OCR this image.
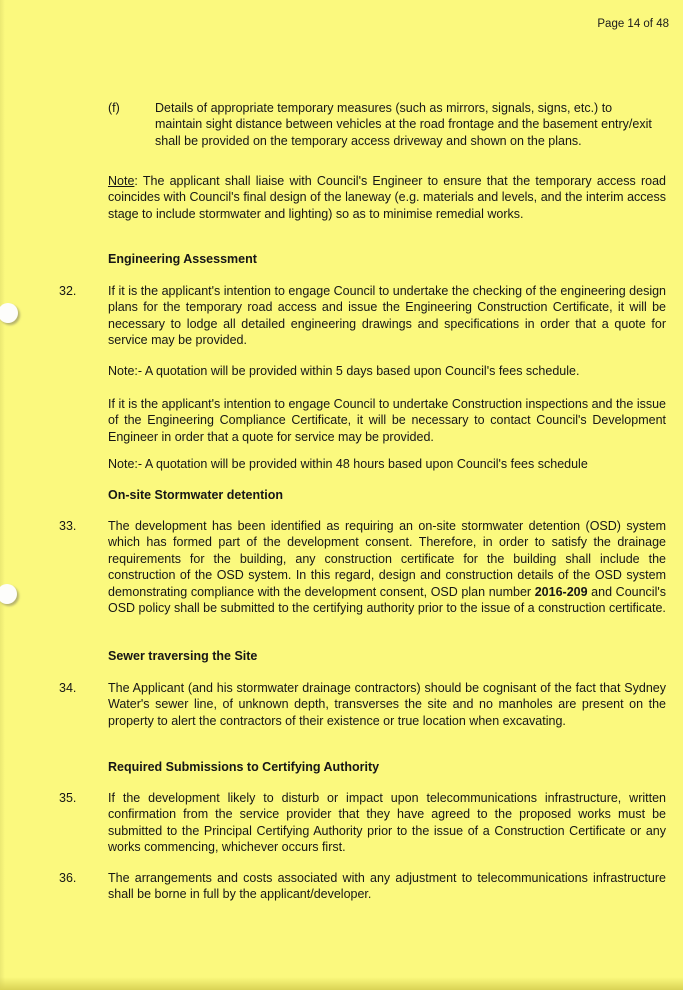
Page 14 of 48
(f)	Details of appropriate temporary measures (such as mirrors, signals, signs, etc.) to maintain sight distance between vehicles at the road frontage and the basement entry/exit shall be provided on the temporary access driveway and shown on the plans.
Note: The applicant shall liaise with Council's Engineer to ensure that the temporary access road coincides with Council's final design of the laneway (e.g. materials and levels, and the interim access stage to include stormwater and lighting) so as to minimise remedial works.
Engineering Assessment
32.	If it is the applicant's intention to engage Council to undertake the checking of the engineering design plans for the temporary road access and issue the Engineering Construction Certificate, it will be necessary to lodge all detailed engineering drawings and specifications in order that a quote for service may be provided.
Note:- A quotation will be provided within 5 days based upon Council's fees schedule.
If it is the applicant's intention to engage Council to undertake Construction inspections and the issue of the Engineering Compliance Certificate, it will be necessary to contact Council's Development Engineer in order that a quote for service may be provided.
Note:- A quotation will be provided within 48 hours based upon Council's fees schedule
On-site Stormwater detention
33.	The development has been identified as requiring an on-site stormwater detention (OSD) system which has formed part of the development consent. Therefore, in order to satisfy the drainage requirements for the building, any construction certificate for the building shall include the construction of the OSD system. In this regard, design and construction details of the OSD system demonstrating compliance with the development consent, OSD plan number 2016-209 and Council's OSD policy shall be submitted to the certifying authority prior to the issue of a construction certificate.
Sewer traversing the Site
34.	The Applicant (and his stormwater drainage contractors) should be cognisant of the fact that Sydney Water's sewer line, of unknown depth, transverses the site and no manholes are present on the property to alert the contractors of their existence or true location when excavating.
Required Submissions to Certifying Authority
35.	If the development likely to disturb or impact upon telecommunications infrastructure, written confirmation from the service provider that they have agreed to the proposed works must be submitted to the Principal Certifying Authority prior to the issue of a Construction Certificate or any works commencing, whichever occurs first.
36.	The arrangements and costs associated with any adjustment to telecommunications infrastructure shall be borne in full by the applicant/developer.
